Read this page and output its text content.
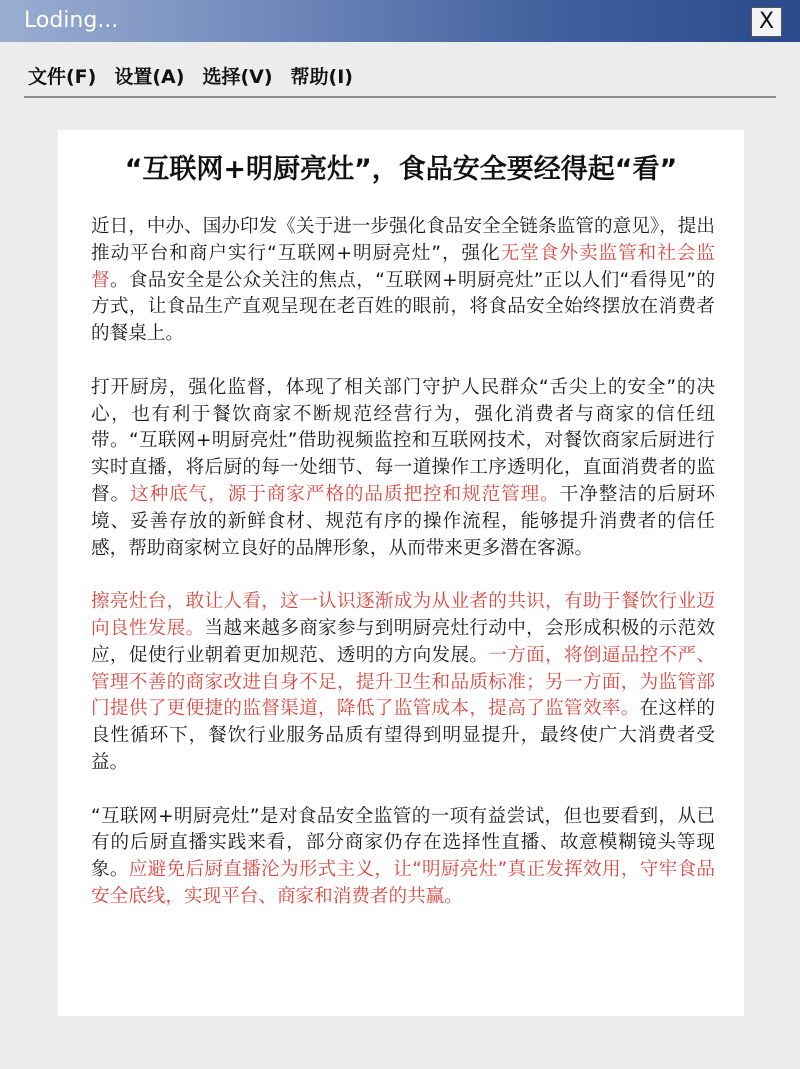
Loding...	X
文件(F) 设置(A) 选择(V) 帮助(I)
“互联网+明厨亮灶”，食品安全要经得起“看”

近日，中办、国办印发《关于进一步强化食品安全全链条监管的意见》，提出推动平台和商户实行“互联网+明厨亮灶”，强化无堂食外卖监管和社会监督。食品安全是公众关注的焦点，“互联网+明厨亮灶”正以人们“看得见”的方式，让食品生产直观呈现在老百姓的眼前，将食品安全始终摆放在消费者的餐桌上。

打开厨房，强化监督，体现了相关部门守护人民群众“舌尖上的安全”的决心，也有利于餐饮商家不断规范经营行为，强化消费者与商家的信任纽带。“互联网+明厨亮灶”借助视频监控和互联网技术，对餐饮商家后厨进行实时直播，将后厨的每一处细节、每一道操作工序透明化，直面消费者的监督。这种底气，源于商家严格的品质把控和规范管理。干净整洁的后厨环境、妥善存放的新鲜食材、规范有序的操作流程，能够提升消费者的信任感，帮助商家树立良好的品牌形象，从而带来更多潜在客源。

擦亮灶台，敢让人看，这一认识逐渐成为从业者的共识，有助于餐饮行业迈向良性发展。当越来越多商家参与到明厨亮灶行动中，会形成积极的示范效应，促使行业朝着更加规范、透明的方向发展。一方面，将倒逼品控不严、管理不善的商家改进自身不足，提升卫生和品质标准；另一方面，为监管部门提供了更便捷的监督渠道，降低了监管成本，提高了监管效率。在这样的良性循环下，餐饮行业服务品质有望得到明显提升，最终使广大消费者受益。

“互联网+明厨亮灶”是对食品安全监管的一项有益尝试，但也要看到，从已有的后厨直播实践来看，部分商家仍存在选择性直播、故意模糊镜头等现象。应避免后厨直播沦为形式主义，让“明厨亮灶”真正发挥效用，守牢食品安全底线，实现平台、商家和消费者的共赢。
